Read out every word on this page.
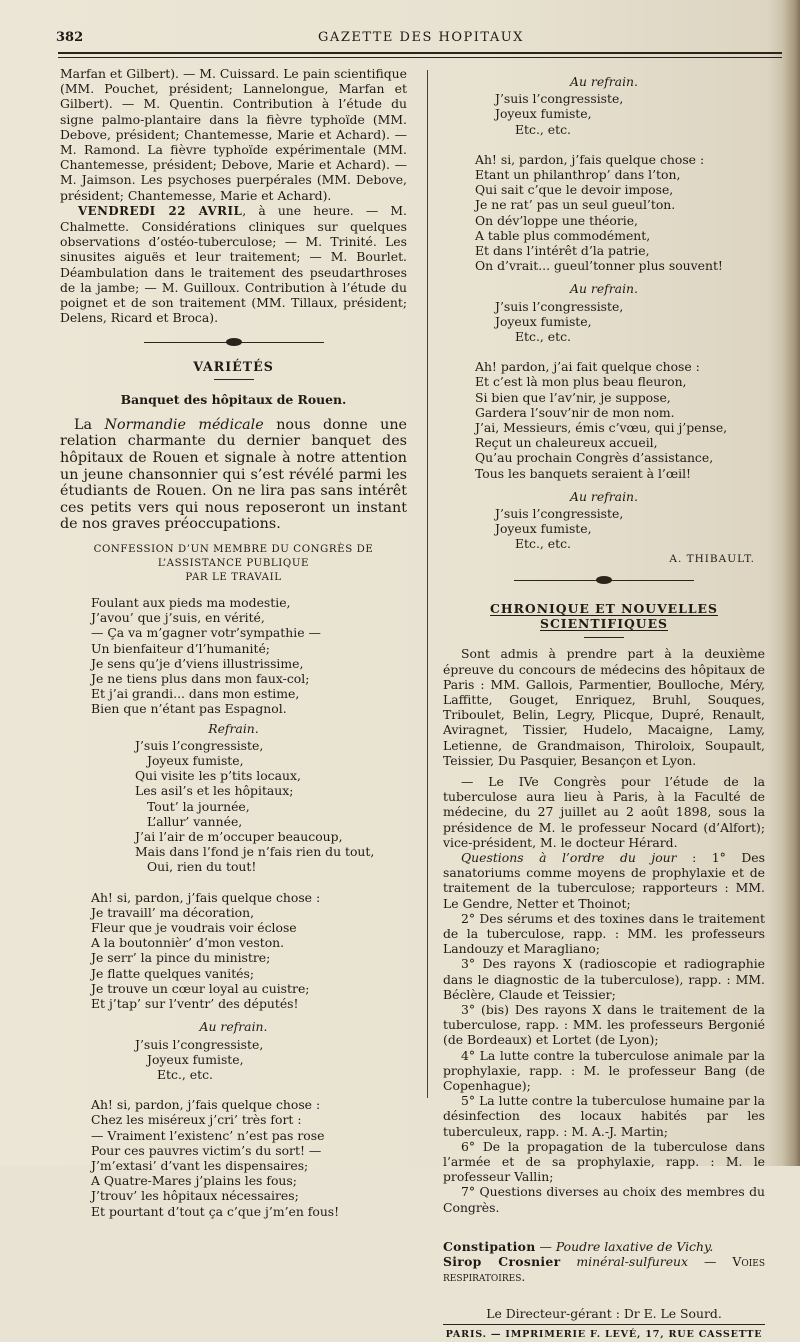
382	GAZETTE DES HOPITAUX

Marfan et Gilbert). — M. Cuissard. Le pain scientifique (MM. Pouchet, président; Lannelongue, Marfan et Gilbert). — M. Quentin. Contribution à l’étude du signe palmo-plantaire dans la fièvre typhoïde (MM. Debove, président; Chantemesse, Marie et Achard). — M. Ramond. La fièvre typhoïde expérimentale (MM. Chantemesse, président; Debove, Marie et Achard). — M. Jaimson. Les psychoses puerpérales (MM. Debove, président; Chantemesse, Marie et Achard).

VENDREDI 22 AVRIL, à une heure. — M. Chalmette. Considérations cliniques sur quelques observations d’ostéo-tuberculose; — M. Trinité. Les sinusites aiguës et leur traitement; — M. Bourlet. Déambulation dans le traitement des pseudarthroses de la jambe; — M. Guilloux. Contribution à l’étude du poignet et de son traitement (MM. Tillaux, président; Delens, Ricard et Broca).

VARIÉTÉS
Banquet des hôpitaux de Rouen.

La Normandie médicale nous donne une relation charmante du dernier banquet des hôpitaux de Rouen et signale à notre attention un jeune chansonnier qui s’est révélé parmi les étudiants de Rouen. On ne lira pas sans intérêt ces petits vers qui nous reposeront un instant de nos graves préoccupations.

CONFESSION D’UN MEMBRE DU CONGRÈS DE L’ASSISTANCE PUBLIQUE
PAR LE TRAVAIL
Foulant aux pieds ma modestie,
J’avou’ que j’suis, en vérité,
— Ça va m’gagner votr’sympathie —
Un bienfaiteur d’l’humanité;
Je sens qu’je d’viens illustrissime,
Je ne tiens plus dans mon faux-col;
Et j’ai grandi... dans mon estime,
Bien que n’étant pas Espagnol.
Refrain.
J’suis l’congressiste,
Joyeux fumiste,
Qui visite les p’tits locaux,
Les asil’s et les hôpitaux;
Tout’ la journée,
L’allur’ vannée,
J’ai l’air de m’occuper beaucoup,
Mais dans l’fond je n’fais rien du tout,
Oui, rien du tout!
Ah! si, pardon, j’fais quelque chose :
Je travaill’ ma décoration,
Fleur que je voudrais voir éclose
A la boutonnièr’ d’mon veston.
Je serr’ la pince du ministre;
Je flatte quelques vanités;
Je trouve un cœur loyal au cuistre;
Et j’tap’ sur l’ventr’ des députés!
Au refrain.
J’suis l’congressiste,
Joyeux fumiste,
Etc., etc.
Ah! si, pardon, j’fais quelque chose :
Chez les miséreux j’cri’ très fort :
— Vraiment l’existenc’ n’est pas rose
Pour ces pauvres victim’s du sort! —
J’m’extasi’ d’vant les dispensaires;
A Quatre-Mares j’plains les fous;
J’trouv’ les hôpitaux nécessaires;
Et pourtant d’tout ça c’que j’m’en fous!
Au refrain.
J’suis l’congressiste,
Joyeux fumiste,
Etc., etc.
Ah! si, pardon, j’fais quelque chose :
Etant un philanthrop’ dans l’ton,
Qui sait c’que le devoir impose,
Je ne rat’ pas un seul gueul’ton.
On dév’loppe une théorie,
A table plus commodément,
Et dans l’intérêt d’la patrie,
On d’vrait... gueul’tonner plus souvent!
Au refrain.
J’suis l’congressiste,
Joyeux fumiste,
Etc., etc.
Ah! pardon, j’ai fait quelque chose :
Et c’est là mon plus beau fleuron,
Si bien que l’av’nir, je suppose,
Gardera l’souv’nir de mon nom.
J’ai, Messieurs, émis c’vœu, qui j’pense,
Reçut un chaleureux accueil,
Qu’au prochain Congrès d’assistance,
Tous les banquets seraient à l’œil!
Au refrain.
J’suis l’congressiste,
Joyeux fumiste,
Etc., etc.
A. THIBAULT.
CHRONIQUE ET NOUVELLES SCIENTIFIQUES

Sont admis à prendre part à la deuxième épreuve du concours de médecins des hôpitaux de Paris : MM. Gallois, Parmentier, Boulloche, Méry, Laffitte, Gouget, Enriquez, Bruhl, Souques, Triboulet, Belin, Legry, Plicque, Dupré, Renault, Aviragnet, Tissier, Hudelo, Macaigne, Lamy, Letienne, de Grandmaison, Thiroloix, Soupault, Teissier, Du Pasquier, Besançon et Lyon.

— Le IVe Congrès pour l’étude de la tuberculose aura lieu à Paris, à la Faculté de médecine, du 27 juillet au 2 août 1898, sous la présidence de M. le professeur Nocard (d’Alfort); vice-président, M. le docteur Hérard.

Questions à l’ordre du jour : 1° Des sanatoriums comme moyens de prophylaxie et de traitement de la tuberculose; rapporteurs : MM. Le Gendre, Netter et Thoinot;

2° Des sérums et des toxines dans le traitement de la tuberculose, rapp. : MM. les professeurs Landouzy et Maragliano;

3° Des rayons X (radioscopie et radiographie dans le diagnostic de la tuberculose), rapp. : MM. Béclère, Claude et Teissier;

3° (bis) Des rayons X dans le traitement de la tuberculose, rapp. : MM. les professeurs Bergonié (de Bordeaux) et Lortet (de Lyon);

4° La lutte contre la tuberculose animale par la prophylaxie, rapp. : M. le professeur Bang (de Copenhague);

5° La lutte contre la tuberculose humaine par la désinfection des locaux habités par les tuberculeux, rapp. : M. A.-J. Martin;

6° De la propagation de la tuberculose dans l’armée et de sa prophylaxie, rapp. : M. le professeur Vallin;

7° Questions diverses au choix des membres du Congrès.

Constipation — Poudre laxative de Vichy.

Sirop Crosnier minéral-sulfureux — Voies respiratoires.

Le Directeur-gérant : Dr E. Le Sourd.
PARIS. — IMPRIMERIE F. LEVÉ, 17, RUE CASSETTE
